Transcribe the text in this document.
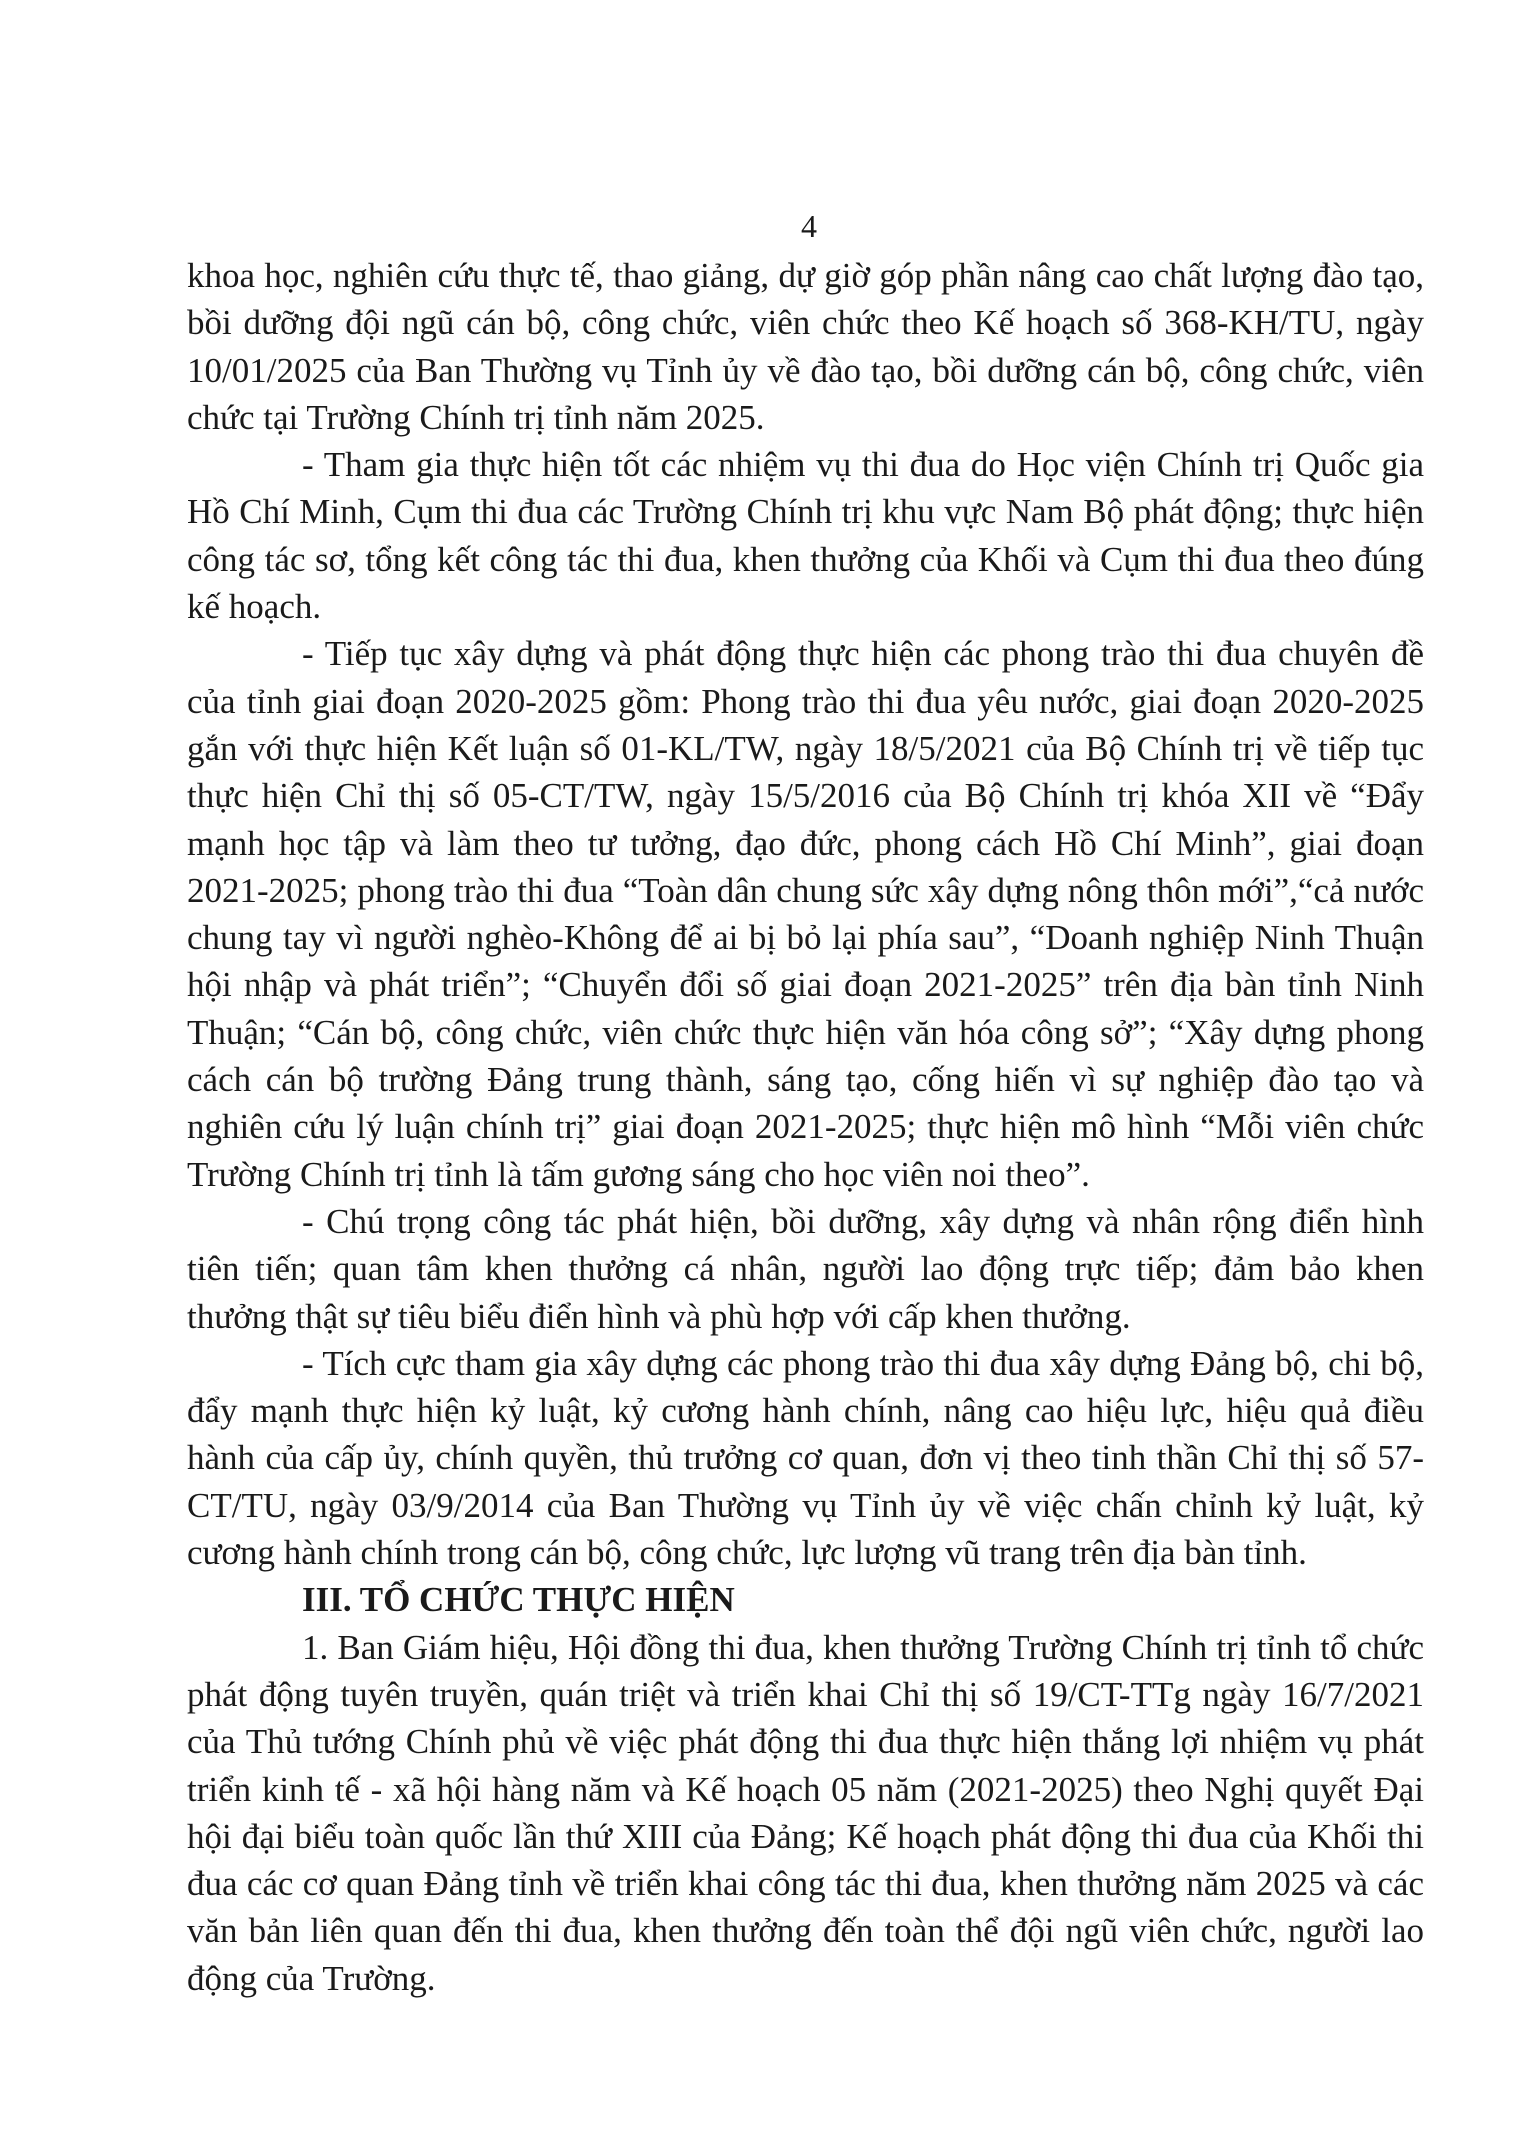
4

khoa học, nghiên cứu thực tế, thao giảng, dự giờ góp phần nâng cao chất lượng đào tạo, bồi dưỡng đội ngũ cán bộ, công chức, viên chức theo Kế hoạch số 368-KH/TU, ngày 10/01/2025 của Ban Thường vụ Tỉnh ủy về đào tạo, bồi dưỡng cán bộ, công chức, viên chức tại Trường Chính trị tỉnh năm 2025.

- Tham gia thực hiện tốt các nhiệm vụ thi đua do Học viện Chính trị Quốc gia Hồ Chí Minh, Cụm thi đua các Trường Chính trị khu vực Nam Bộ phát động; thực hiện công tác sơ, tổng kết công tác thi đua, khen thưởng của Khối và Cụm thi đua theo đúng kế hoạch.

- Tiếp tục xây dựng và phát động thực hiện các phong trào thi đua chuyên đề của tỉnh giai đoạn 2020-2025 gồm: Phong trào thi đua yêu nước, giai đoạn 2020-2025 gắn với thực hiện Kết luận số 01-KL/TW, ngày 18/5/2021 của Bộ Chính trị về tiếp tục thực hiện Chỉ thị số 05-CT/TW, ngày 15/5/2016 của Bộ Chính trị khóa XII về “Đẩy mạnh học tập và làm theo tư tưởng, đạo đức, phong cách Hồ Chí Minh”, giai đoạn 2021-2025; phong trào thi đua “Toàn dân chung sức xây dựng nông thôn mới”,“cả nước chung tay vì người nghèo-Không để ai bị bỏ lại phía sau”, “Doanh nghiệp Ninh Thuận hội nhập và phát triển”; “Chuyển đổi số giai đoạn 2021-2025” trên địa bàn tỉnh Ninh Thuận; “Cán bộ, công chức, viên chức thực hiện văn hóa công sở”; “Xây dựng phong cách cán bộ trường Đảng trung thành, sáng tạo, cống hiến vì sự nghiệp đào tạo và nghiên cứu lý luận chính trị” giai đoạn 2021-2025; thực hiện mô hình “Mỗi viên chức Trường Chính trị tỉnh là tấm gương sáng cho học viên noi theo”.

- Chú trọng công tác phát hiện, bồi dưỡng, xây dựng và nhân rộng điển hình tiên tiến; quan tâm khen thưởng cá nhân, người lao động trực tiếp; đảm bảo khen thưởng thật sự tiêu biểu điển hình và phù hợp với cấp khen thưởng.

- Tích cực tham gia xây dựng các phong trào thi đua xây dựng Đảng bộ, chi bộ, đẩy mạnh thực hiện kỷ luật, kỷ cương hành chính, nâng cao hiệu lực, hiệu quả điều hành của cấp ủy, chính quyền, thủ trưởng cơ quan, đơn vị theo tinh thần Chỉ thị số 57-CT/TU, ngày 03/9/2014 của Ban Thường vụ Tỉnh ủy về việc chấn chỉnh kỷ luật, kỷ cương hành chính trong cán bộ, công chức, lực lượng vũ trang trên địa bàn tỉnh.

III. TỔ CHỨC THỰC HIỆN

1. Ban Giám hiệu, Hội đồng thi đua, khen thưởng Trường Chính trị tỉnh tổ chức phát động tuyên truyền, quán triệt và triển khai Chỉ thị số 19/CT-TTg ngày 16/7/2021 của Thủ tướng Chính phủ về việc phát động thi đua thực hiện thắng lợi nhiệm vụ phát triển kinh tế - xã hội hàng năm và Kế hoạch 05 năm (2021-2025) theo Nghị quyết Đại hội đại biểu toàn quốc lần thứ XIII của Đảng; Kế hoạch phát động thi đua của Khối thi đua các cơ quan Đảng tỉnh về triển khai công tác thi đua, khen thưởng năm 2025 và các văn bản liên quan đến thi đua, khen thưởng đến toàn thể đội ngũ viên chức, người lao động của Trường.
